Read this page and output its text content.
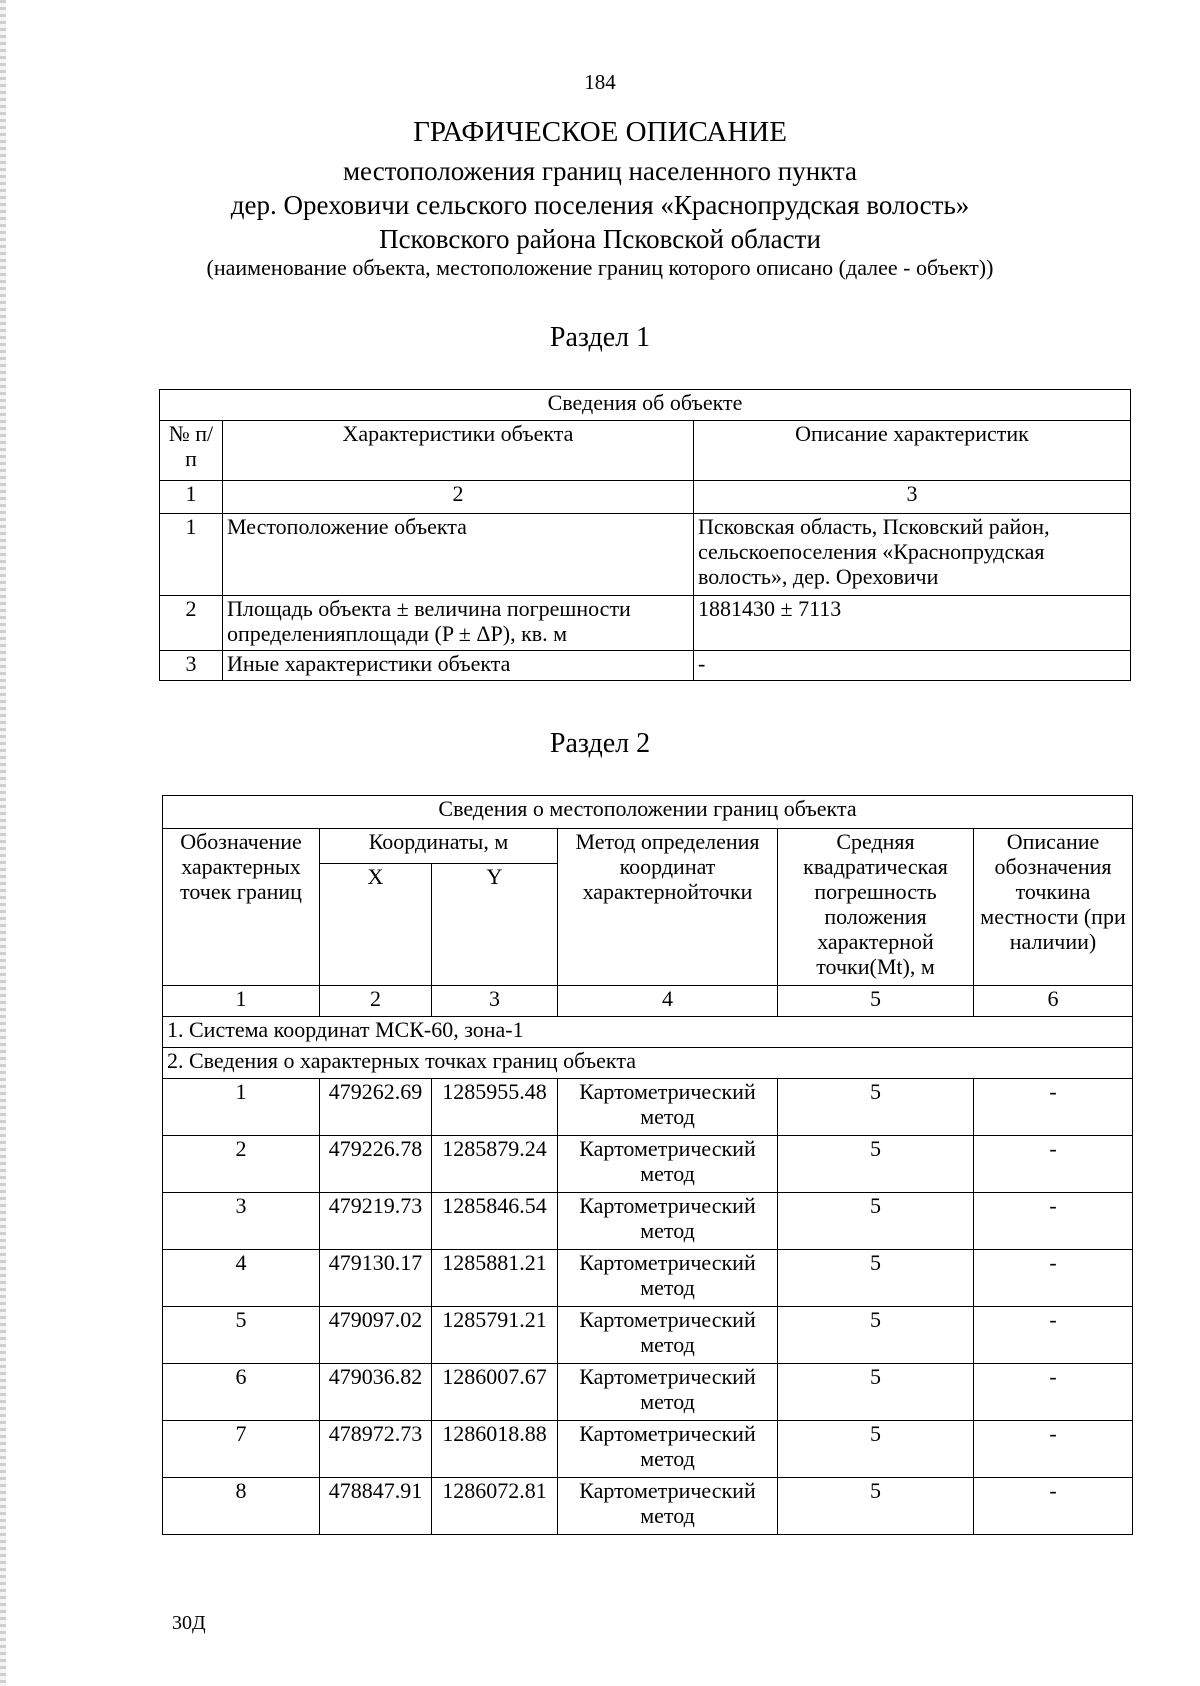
184
ГРАФИЧЕСКОЕ ОПИСАНИЕ
местоположения границ населенного пункта
дер. Ореховичи сельского поселения «Краснопрудская волость»
Псковского района Псковской области
(наименование объекта, местоположение границ которого описано (далее - объект))
Раздел 1
Сведения об объекте		
№ п/п	Характеристики объекта	Описание характеристик
1	2	3
1	Местоположение объекта	Псковская область, Псковский район, сельскоепоселения «Краснопрудская волость», дер. Ореховичи
2	Площадь объекта ± величина погрешности определенияплощади (P ± ΔP), кв. м	1881430 ± 7113
3	Иные характеристики объекта	-
Раздел 2
Сведения о местоположении границ объекта					
Обозначение характерных точек границ	Координаты, м		Метод определения координат характернойточки	Средняя квадратическая погрешность положения характерной точки(Mt), м	Описание обозначения точкина местности (при наличии)
	X	Y			
1	2	3	4	5	6
1. Система координат МСК-60, зона-1					
2. Сведения о характерных точках границ объекта					
1	479262.69	1285955.48	Картометрический метод	5	-
2	479226.78	1285879.24	Картометрический метод	5	-
3	479219.73	1285846.54	Картометрический метод	5	-
4	479130.17	1285881.21	Картометрический метод	5	-
5	479097.02	1285791.21	Картометрический метод	5	-
6	479036.82	1286007.67	Картометрический метод	5	-
7	478972.73	1286018.88	Картометрический метод	5	-
8	478847.91	1286072.81	Картометрический метод	5	-
30Д
